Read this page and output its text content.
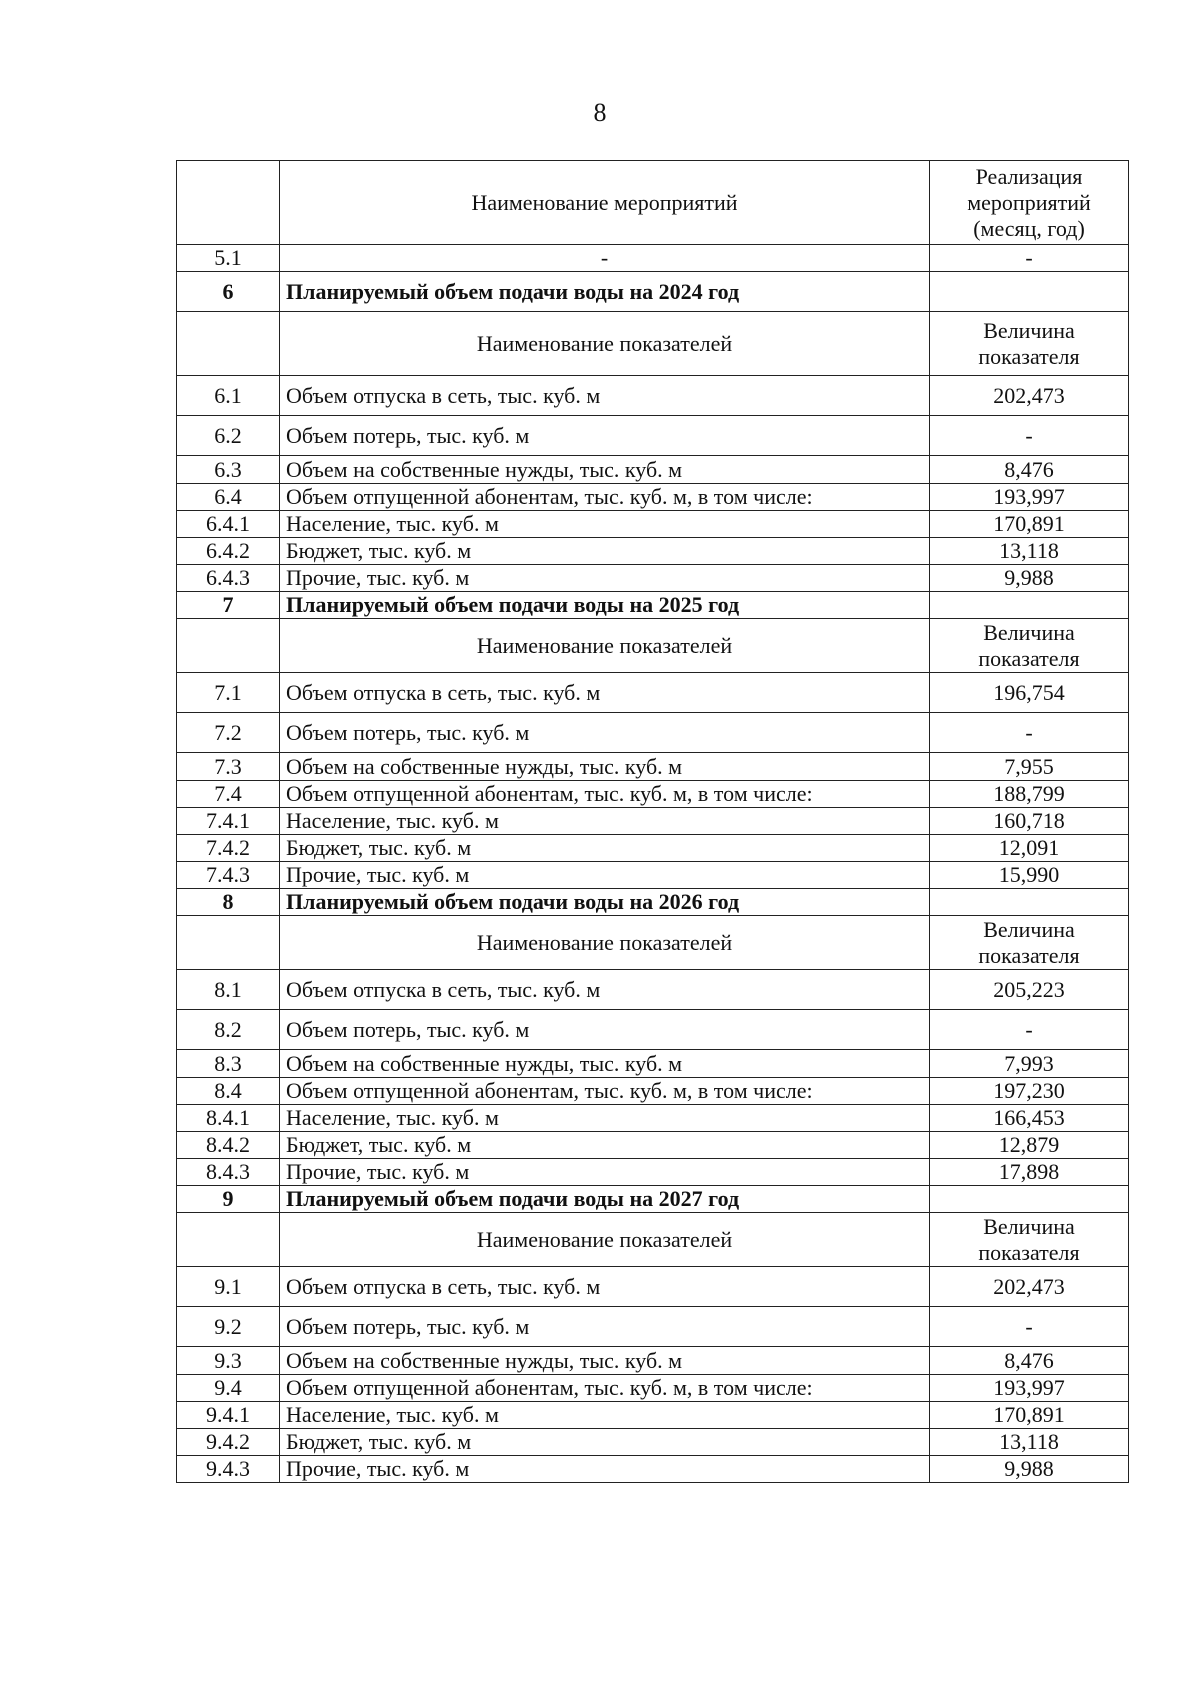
8
	Наименование мероприятий	Реализация мероприятий (месяц, год)
5.1	-	-
6	Планируемый объем подачи воды на 2024 год	
	Наименование показателей	Величина показателя
6.1	Объем отпуска в сеть, тыс. куб. м	202,473
6.2	Объем потерь, тыс. куб. м	-
6.3	Объем на собственные нужды, тыс. куб. м	8,476
6.4	Объем отпущенной абонентам, тыс. куб. м, в том числе:	193,997
6.4.1	Население, тыс. куб. м	170,891
6.4.2	Бюджет, тыс. куб. м	13,118
6.4.3	Прочие, тыс. куб. м	9,988
7	Планируемый объем подачи воды на 2025 год	
	Наименование показателей	Величина показателя
7.1	Объем отпуска в сеть, тыс. куб. м	196,754
7.2	Объем потерь, тыс. куб. м	-
7.3	Объем на собственные нужды, тыс. куб. м	7,955
7.4	Объем отпущенной абонентам, тыс. куб. м, в том числе:	188,799
7.4.1	Население, тыс. куб. м	160,718
7.4.2	Бюджет, тыс. куб. м	12,091
7.4.3	Прочие, тыс. куб. м	15,990
8	Планируемый объем подачи воды на 2026 год	
	Наименование показателей	Величина показателя
8.1	Объем отпуска в сеть, тыс. куб. м	205,223
8.2	Объем потерь, тыс. куб. м	-
8.3	Объем на собственные нужды, тыс. куб. м	7,993
8.4	Объем отпущенной абонентам, тыс. куб. м, в том числе:	197,230
8.4.1	Население, тыс. куб. м	166,453
8.4.2	Бюджет, тыс. куб. м	12,879
8.4.3	Прочие, тыс. куб. м	17,898
9	Планируемый объем подачи воды на 2027 год	
	Наименование показателей	Величина показателя
9.1	Объем отпуска в сеть, тыс. куб. м	202,473
9.2	Объем потерь, тыс. куб. м	-
9.3	Объем на собственные нужды, тыс. куб. м	8,476
9.4	Объем отпущенной абонентам, тыс. куб. м, в том числе:	193,997
9.4.1	Население, тыс. куб. м	170,891
9.4.2	Бюджет, тыс. куб. м	13,118
9.4.3	Прочие, тыс. куб. м	9,988
